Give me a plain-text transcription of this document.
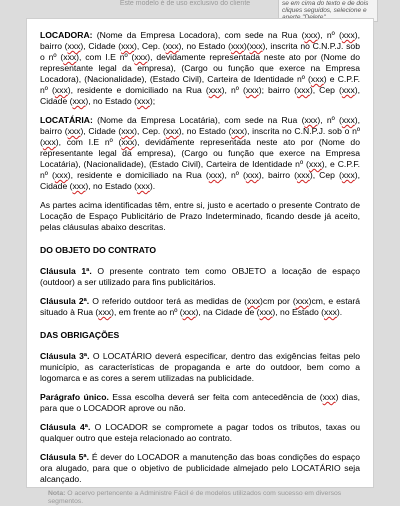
Este modelo é de uso exclusivo do cliente	se em cima do texto e de dois cliques seguidos, selecione e

LOCADORA: (Nome da Empresa Locadora), com sede na Rua (xxx), nº (xxx), bairro (xxx), Cidade (xxx), Cep. (xxx), no Estado (xxx)(xxx), inscrita no C.N.P.J. sob o nº (xxx), com I.E nº (xxx), devidamente representada neste ato por (Nome do representante legal da empresa), (Cargo ou função que exerce na Empresa Locadora), (Nacionalidade), (Estado Civil), Carteira de Identidade nº (xxx) e C.P.F. nº (xxx), residente e domiciliado na Rua (xxx), nº (xxx); bairro (xxx), Cep (xxx), Cidade (xxx), no Estado (xxx);

LOCATÁRIA: (Nome da Empresa Locatária), com sede na Rua (xxx), nº (xxx), bairro (xxx), Cidade (xxx), Cep. (xxx), no Estado (xxx), inscrita no C.N.P.J. sob o nº (xxx), com I.E nº (xxx), devidamente representada neste ato por (Nome do representante legal da empresa), (Cargo ou função que exerce na Empresa Locatária), (Nacionalidade), (Estado Civil), Carteira de Identidade nº (xxx), e C.P.F. nº (xxx), residente e domiciliado na Rua (xxx), nº (xxx), bairro (xxx), Cep (xxx), Cidade (xxx), no Estado (xxx).

As partes acima identificadas têm, entre si, justo e acertado o presente Contrato de Locação de Espaço Publicitário de Prazo Indeterminado, ficando desde já aceito, pelas cláusulas abaixo descritas.

DO OBJETO DO CONTRATO

Cláusula 1ª. O presente contrato tem como OBJETO a locação de espaço (outdoor) a ser utilizado para fins publicitários.

Cláusula 2ª. O referido outdoor terá as medidas de (xxx)cm por (xxx)cm, e estará situado à Rua (xxx), em frente ao nº (xxx), na Cidade de (xxx), no Estado (xxx).

DAS OBRIGAÇÕES

Cláusula 3ª. O LOCATÁRIO deverá especificar, dentro das exigências feitas pelo município, as características de propaganda e arte do outdoor, bem como a logomarca e as cores a serem utilizadas na publicidade.

Parágrafo único. Essa escolha deverá ser feita com antecedência de (xxx) dias, para que o LOCADOR aprove ou não.

Cláusula 4ª. O LOCADOR se compromete a pagar todos os tributos, taxas ou qualquer outro que esteja relacionado ao contrato.

Cláusula 5ª. É dever do LOCADOR a manutenção das boas condições do espaço ora alugado, para que o objetivo de publicidade almejado pelo LOCATÁRIO seja alcançado.

Nota: O acervo pertencente a Administre Fácil é de modelos utilizados com sucesso em diversos segmentos.
